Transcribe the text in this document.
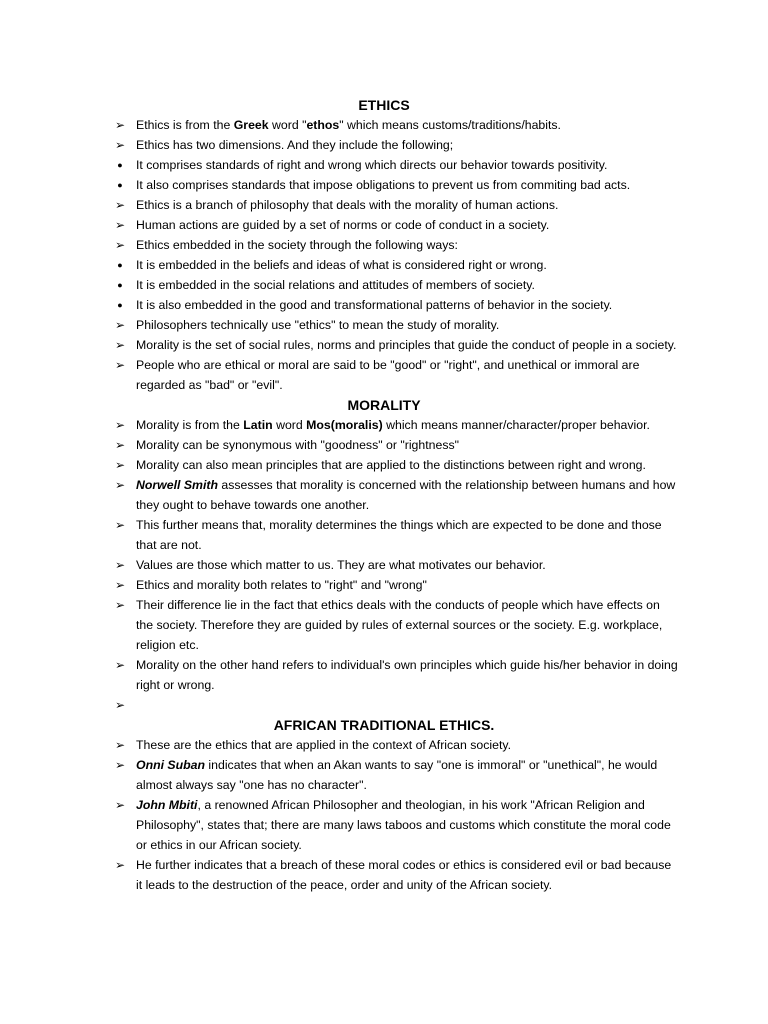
ETHICS
➢ Ethics is from the Greek word "ethos" which means customs/traditions/habits.
➢ Ethics has two dimensions. And they include the following;
●	It comprises standards of right and wrong which directs our behavior towards positivity.
●	It also comprises standards that impose obligations to prevent us from commiting bad acts.
➢ Ethics is a branch of philosophy that deals with the morality of human actions.
➢ Human actions are guided by a set of norms or code of conduct in a society.
➢ Ethics embedded in the society through the following ways:
●	It is embedded in the beliefs and ideas of what is considered right or wrong.
●	It is embedded in the social relations and attitudes of members of society.
●	It is also embedded in the good and transformational patterns of behavior in the society.
➢ Philosophers technically use "ethics" to mean the study of morality.
➢ Morality is the set of social rules, norms and principles that guide the conduct of people in a society.
➢ People who are ethical or moral are said to be "good" or "right", and unethical or immoral are regarded as "bad" or "evil".
MORALITY
➢ Morality is from the Latin word Mos(moralis) which means manner/character/proper behavior.
➢ Morality can be synonymous with "goodness" or "rightness"
➢ Morality can also mean principles that are applied to the distinctions between right and wrong.
➢ Norwell Smith assesses that morality is concerned with the relationship between humans and how they ought to behave towards one another.
➢ This further means that, morality determines the things which are expected to be done and those that are not.
➢ Values are those which matter to us. They are what motivates our behavior.
➢ Ethics and morality both relates to "right" and "wrong"
➢ Their difference lie in the fact that ethics deals with the conducts of people which have effects on the society. Therefore they are guided by rules of external sources or the society. E.g. workplace, religion etc.
➢ Morality on the other hand refers to individual's own principles which guide his/her behavior in doing right or wrong.
➢
AFRICAN TRADITIONAL ETHICS.
➢ These are the ethics that are applied in the context of African society.
➢ Onni Suban indicates that when an Akan wants to say "one is immoral" or "unethical", he would almost always say "one has no character".
➢ John Mbiti, a renowned African Philosopher and theologian, in his work "African Religion and Philosophy", states that; there are many laws taboos and customs which constitute the moral code or ethics in our African society.
➢ He further indicates that a breach of these moral codes or ethics is considered evil or bad because it leads to the destruction of the peace, order and unity of the African society.
